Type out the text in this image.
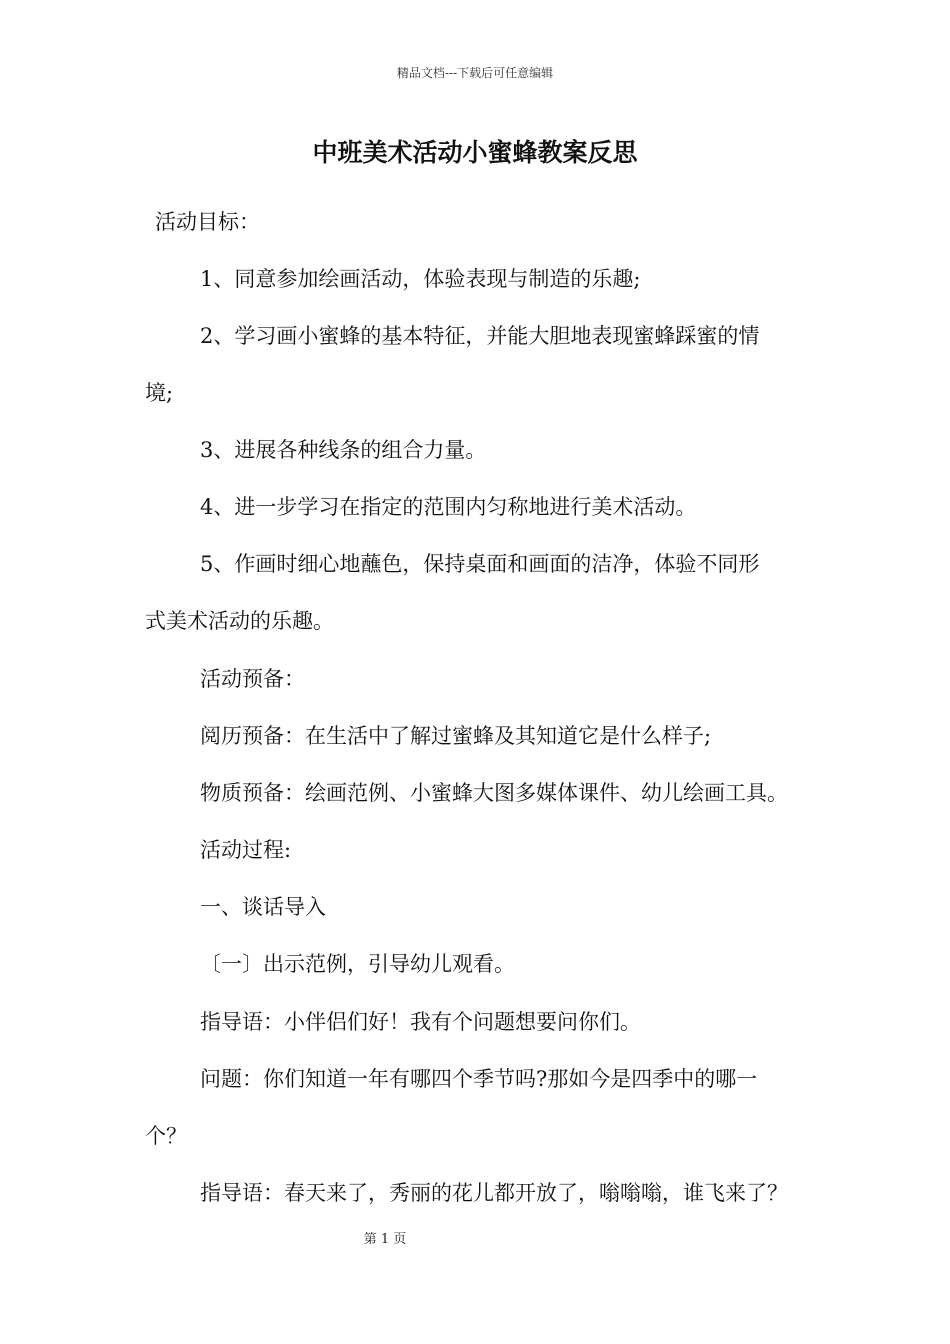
精品文档---下载后可任意编辑
中班美术活动小蜜蜂教案反思
活动目标：
1、同意参加绘画活动，体验表现与制造的乐趣;
2、学习画小蜜蜂的基本特征，并能大胆地表现蜜蜂踩蜜的情
境;
3、进展各种线条的组合力量。
4、进一步学习在指定的范围内匀称地进行美术活动。
5、作画时细心地蘸色，保持桌面和画面的洁净，体验不同形
式美术活动的乐趣。
活动预备：
阅历预备：在生活中了解过蜜蜂及其知道它是什么样子;
物质预备：绘画范例、小蜜蜂大图多媒体课件、幼儿绘画工具。
活动过程:
一、谈话导入
〔一〕出示范例，引导幼儿观看。
指导语：小伴侣们好！我有个问题想要问你们。
问题：你们知道一年有哪四个季节吗?那如今是四季中的哪一
个？
指导语：春天来了，秀丽的花儿都开放了，嗡嗡嗡，谁飞来了？
第 1 页
